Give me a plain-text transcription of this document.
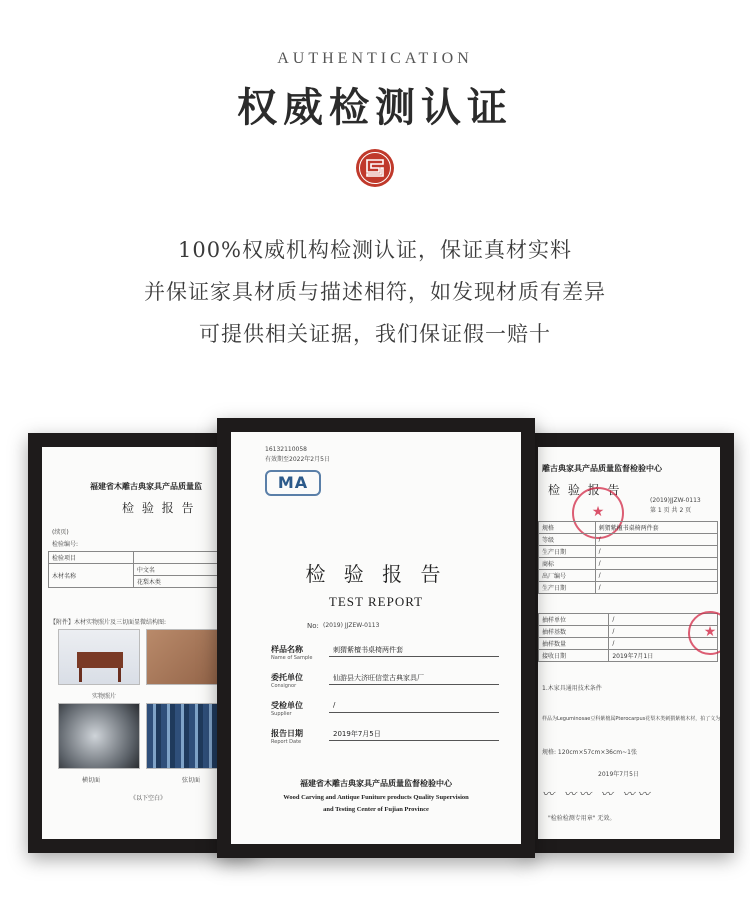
AUTHENTICATION
权威检测认证
100%权威机构检测认证，保证真材实料
并保证家具材质与描述相符，如发现材质有差异
可提供相关证据，我们保证假一赔十
福建省木雕古典家具产品质量监
检 验 报 告
(续页)
检验编号:
检验项目		
木材名称	中文名	
	花梨木类	
【附件】木材实物照片及三切面显微结构图:
实物照片
横切面	弦切面
《以下空白》
雕古典家具产品质量监督检验中心
检 验 报 告
(2019)JJZW-0113
第 1 页 共 2 页
★
规格	刺猬紫檀书桌椅两件套
等级	/
生产日期	/
商标	/
出厂编号	/
生产日期	/
抽样单位	/
抽样基数	/
抽样数量	/
接收日期	2019年7月1日
★
1.木家具通用技术条件
样品为Leguminosae豆科紫檀属Pterocarpus花梨木类刺猬紫檀木材，拍了文为
规格: 120cm×57cm×36cm~1张
2019年7月5日
〰 〰〰 〰 〰〰
"检验检测专用章" 无效。
16132110058
有效期至2022年2月5日
MA
检 验 报 告
TEST REPORT
No: (2019) JJZEW-0113
样品名称
Name of Sample
刺猬紫檀书桌椅两件套
委托单位
Consignor
仙游县大济旺信堂古典家具厂
受检单位
Supplier
/
报告日期
Report Date
2019年7月5日
福建省木雕古典家具产品质量监督检验中心
Wood Carving and Antique Funiture products Quality Supervision
and Testing Center of Fujian Province
